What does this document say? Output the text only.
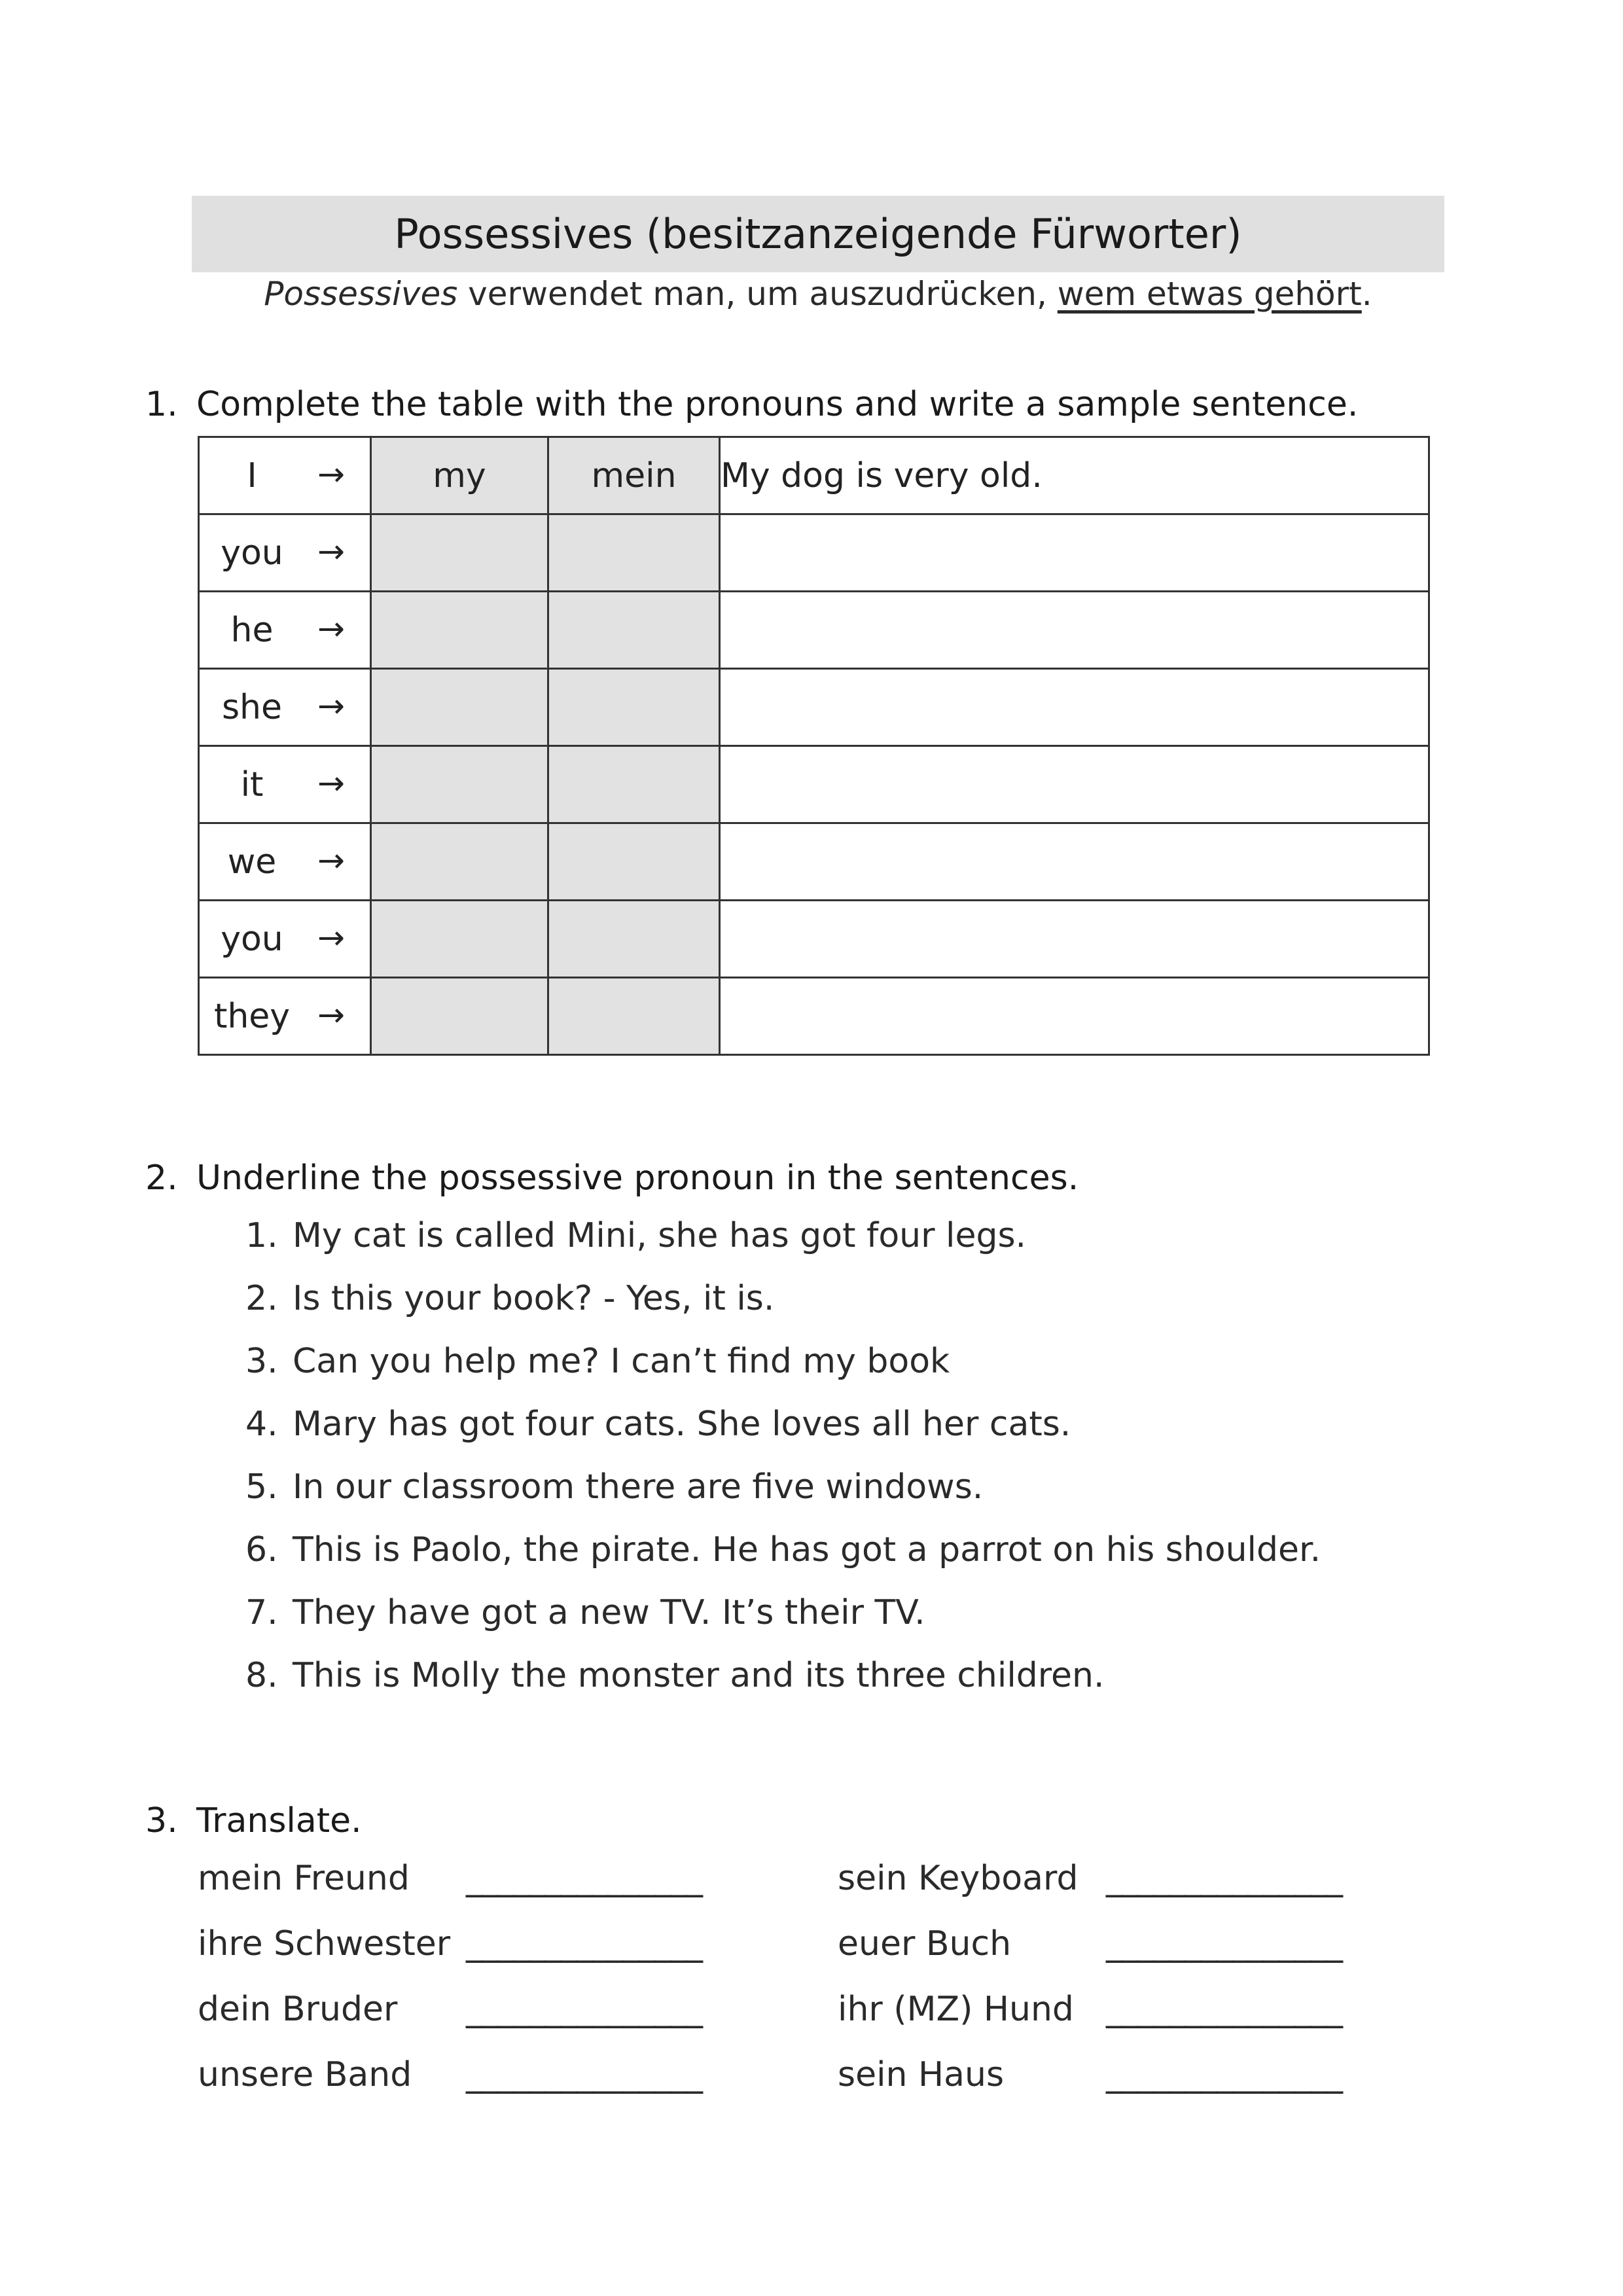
Possessives (besitzanzeigende Fürworter)
Possessives verwendet man, um auszudrücken, wem etwas gehört.
1. Complete the table with the pronouns and write a sample sentence.
I →	my	mein	My dog is very old.

you →			

he →			

she →			

it →			

we →			

you →			

they →			

2. Underline the possessive pronoun in the sentences.
1. My cat is called Mini, she has got four legs.
2. Is this your book? - Yes, it is.
3. Can you help me? I can’t find my book
4. Mary has got four cats. She loves all her cats.
5. In our classroom there are five windows.
6. This is Paolo, the pirate. He has got a parrot on his shoulder.
7. They have got a new TV. It’s their TV.
8. This is Molly the monster and its three children.
3. Translate.
mein Freund _______________	sein Keyboard _______________
ihre Schwester _______________	euer Buch	_______________
dein Bruder _______________	ihr (MZ) Hund _______________
unsere Band _______________	sein Haus	_______________
